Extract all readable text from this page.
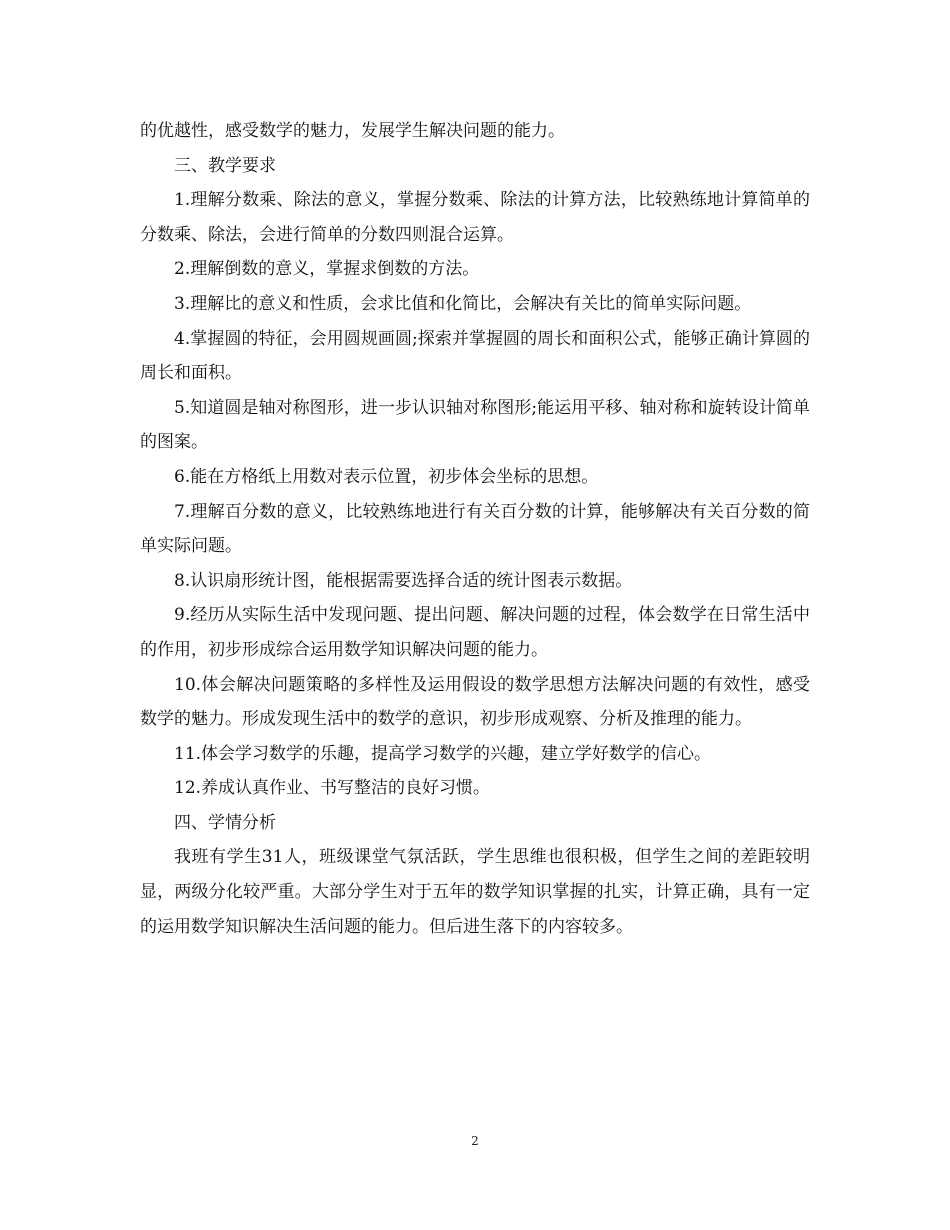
的优越性，感受数学的魅力，发展学生解决问题的能力。

三、教学要求

1.理解分数乘、除法的意义，掌握分数乘、除法的计算方法，比较熟练地计算简单的分数乘、除法，会进行简单的分数四则混合运算。

2.理解倒数的意义，掌握求倒数的方法。

3.理解比的意义和性质，会求比值和化简比，会解决有关比的简单实际问题。

4.掌握圆的特征，会用圆规画圆;探索并掌握圆的周长和面积公式，能够正确计算圆的周长和面积。

5.知道圆是轴对称图形，进一步认识轴对称图形;能运用平移、轴对称和旋转设计简单的图案。

6.能在方格纸上用数对表示位置，初步体会坐标的思想。

7.理解百分数的意义，比较熟练地进行有关百分数的计算，能够解决有关百分数的简单实际问题。

8.认识扇形统计图，能根据需要选择合适的统计图表示数据。

9.经历从实际生活中发现问题、提出问题、解决问题的过程，体会数学在日常生活中的作用，初步形成综合运用数学知识解决问题的能力。

10.体会解决问题策略的多样性及运用假设的数学思想方法解决问题的有效性，感受数学的魅力。形成发现生活中的数学的意识，初步形成观察、分析及推理的能力。

11.体会学习数学的乐趣，提高学习数学的兴趣，建立学好数学的信心。

12.养成认真作业、书写整洁的良好习惯。

四、学情分析

我班有学生31人，班级课堂气氛活跃，学生思维也很积极，但学生之间的差距较明显，两级分化较严重。大部分学生对于五年的数学知识掌握的扎实，计算正确，具有一定的运用数学知识解决生活问题的能力。但后进生落下的内容较多。

2
